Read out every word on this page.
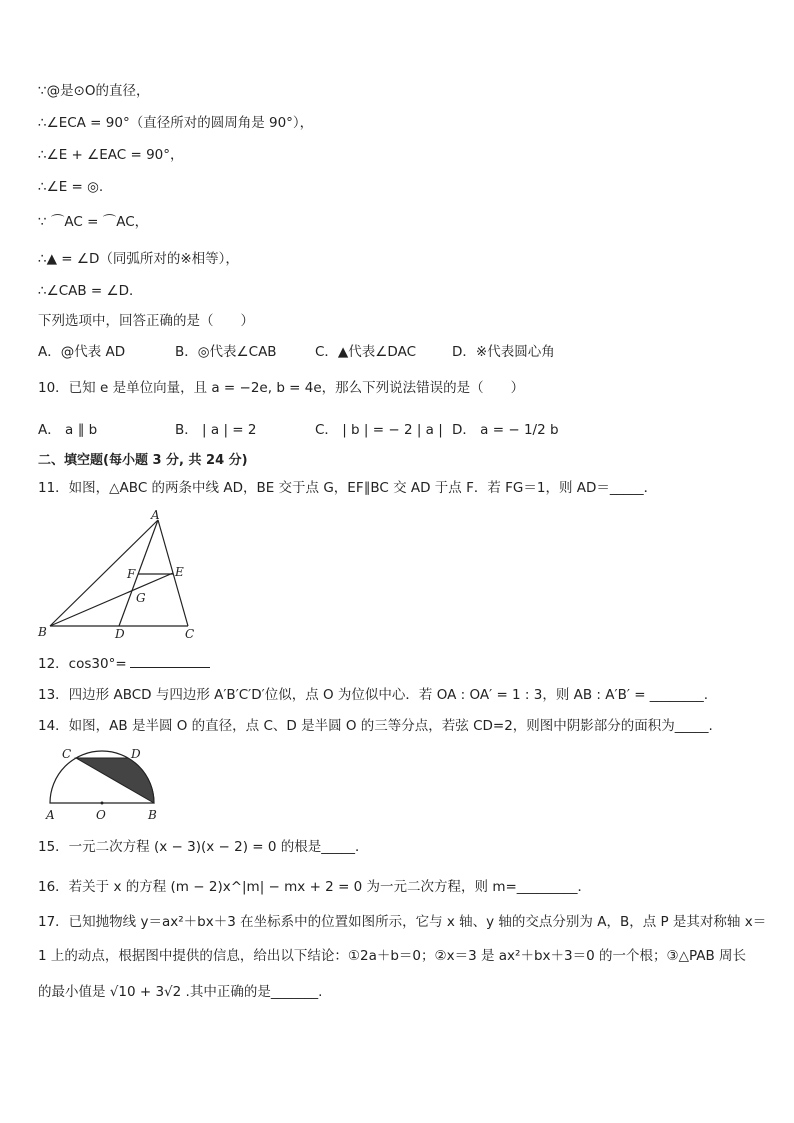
∵@是⊙O的直径，
∴∠ECA = 90°（直径所对的圆周角是 90°），
∴∠E + ∠EAC = 90°，
∴∠E = ◎.
∵ ⌒AC = ⌒AC，
∴▲ = ∠D（同弧所对的※相等），
∴∠CAB = ∠D．
下列选项中，回答正确的是（　　）
A．@代表 AD	B．◎代表∠CAB	C．▲代表∠DAC	D．※代表圆心角
10．已知 e 是单位向量，且 a = −2e, b = 4e，那么下列说法错误的是（　　）
A． a ∥ b	B． | a | = 2	C． | b | = − 2 | a | D． a = − 1/2 b
二、填空题(每小题 3 分, 共 24 分)
11．如图，△ABC 的两条中线 AD，BE 交于点 G，EF∥BC 交 AD 于点 F．若 FG＝1，则 AD＝_____．
A
B	C
D
E
F
G
12．cos30°=
13．四边形 ABCD 与四边形 A′B′C′D′位似，点 O 为位似中心．若 OA : OA′ = 1 : 3，则 AB : A′B′ = ________.
14．如图，AB 是半圆 O 的直径，点 C、D 是半圆 O 的三等分点，若弦 CD=2，则图中阴影部分的面积为_____.
A	O	B
C	D
15．一元二次方程 (x − 3)(x − 2) = 0 的根是_____．
16．若关于 x 的方程 (m − 2)x^|m| − mx + 2 = 0 为一元二次方程，则 m=_________．
17．已知抛物线 y＝ax²＋bx＋3 在坐标系中的位置如图所示，它与 x 轴、y 轴的交点分别为 A，B，点 P 是其对称轴 x＝
1 上的动点，根据图中提供的信息，给出以下结论：①2a＋b＝0；②x＝3 是 ax²＋bx＋3＝0 的一个根；③△PAB 周长
的最小值是 √10 + 3√2 .其中正确的是_______.
